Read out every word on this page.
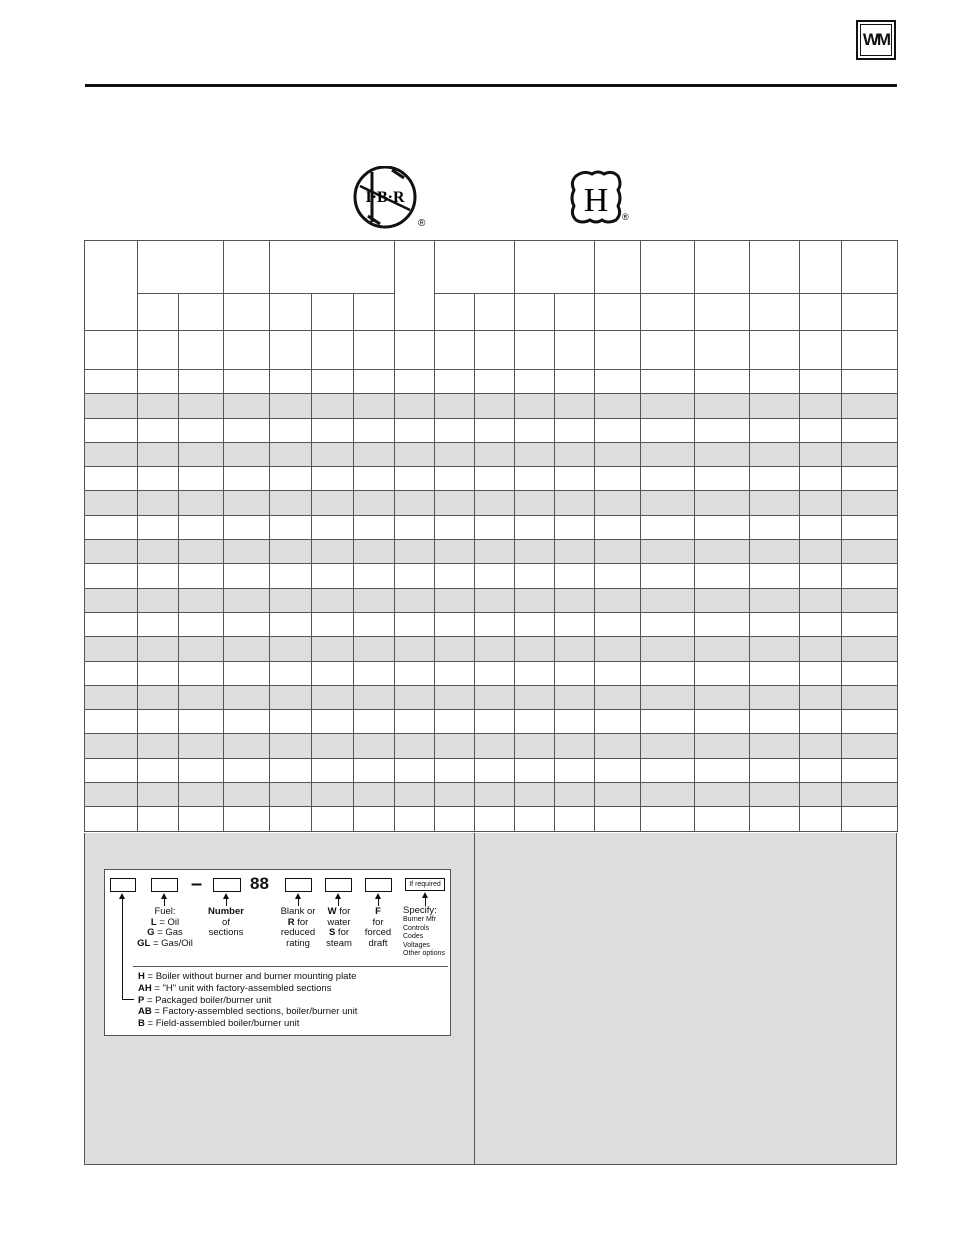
WM
I·B·R
®
H ®

–	88	If required
Fuel:
L = Oil
G = Gas
GL = Gas/Oil
Number
of
sections
Blank or
R for
reduced
rating
W for
water
S for
steam
F
for
forced
draft
Specify:
Burner Mfr
Controls
Codes
Voltages
Other options
H = Boiler without burner and burner mounting plate
AH = "H" unit with factory-assembled sections
P = Packaged boiler/burner unit
AB = Factory-assembled sections, boiler/burner unit
B = Field-assembled boiler/burner unit
